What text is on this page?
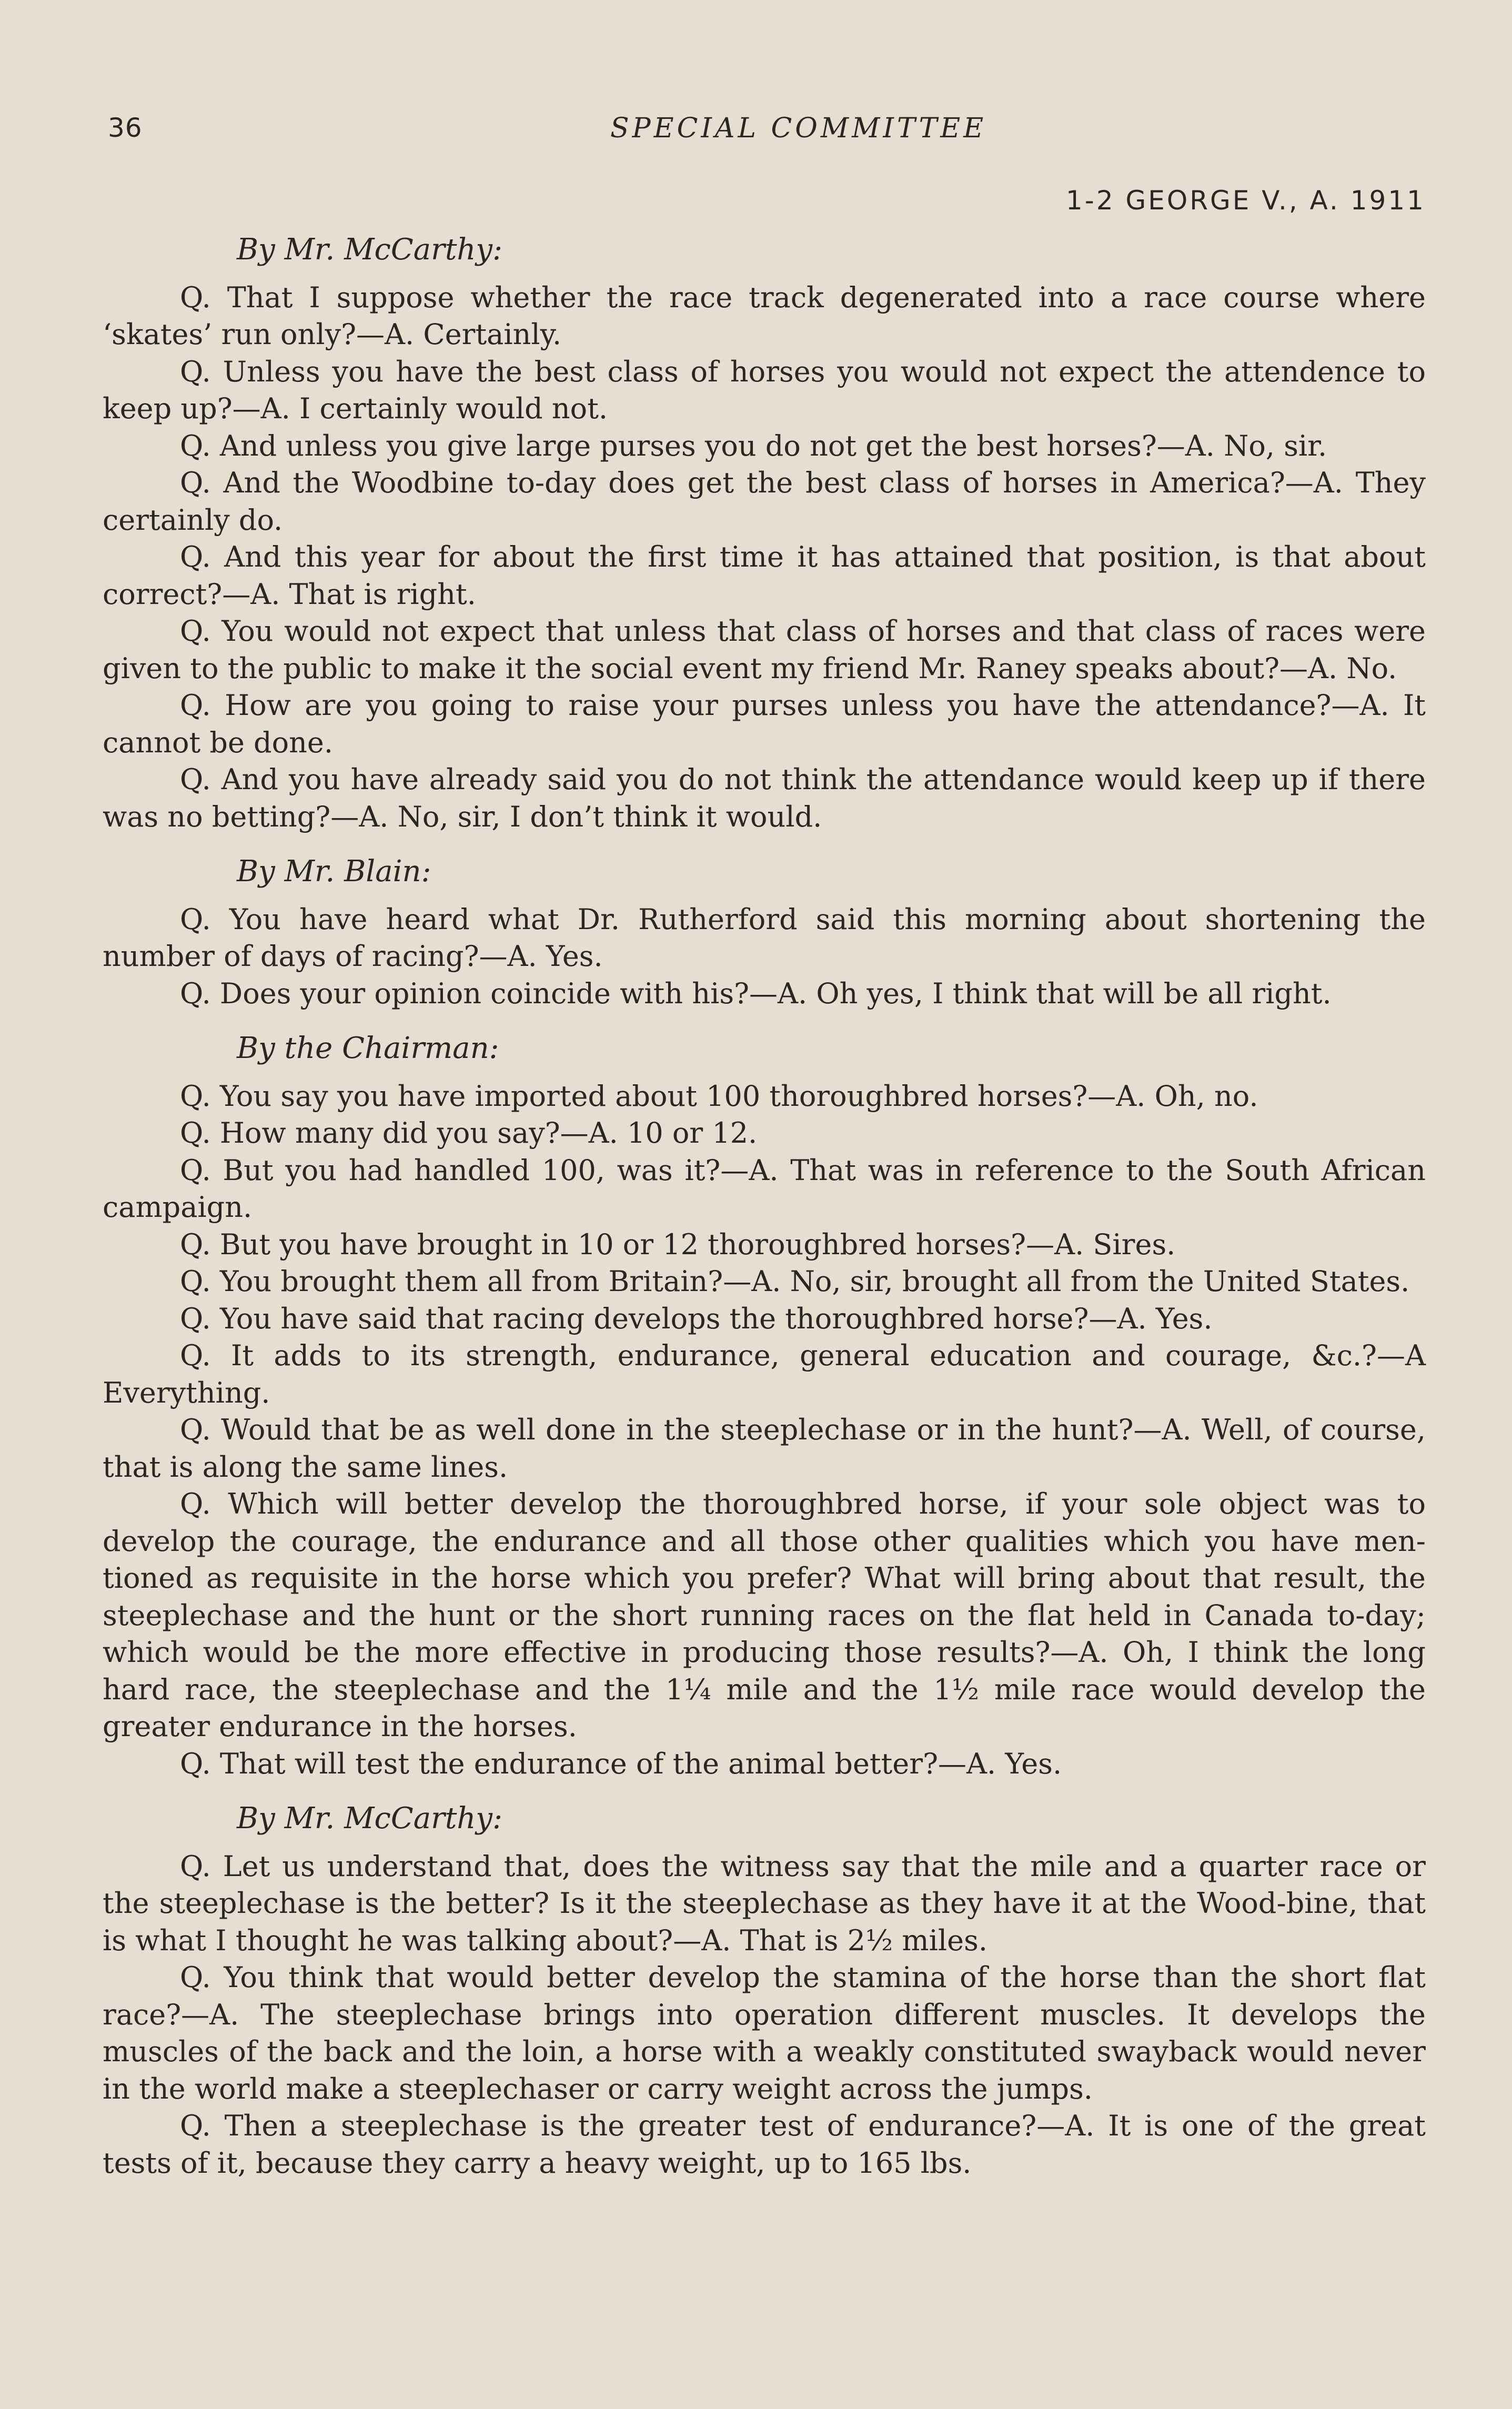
36	SPECIAL COMMITTEE
1-2 GEORGE V., A. 1911
By Mr. McCarthy:

Q. That I suppose whether the race track degenerated into a race course where ‘skates’ run only?—A. Certainly.

Q. Unless you have the best class of horses you would not expect the attendence to keep up?—A. I certainly would not.

Q. And unless you give large purses you do not get the best horses?—A. No, sir.

Q. And the Woodbine to-day does get the best class of horses in America?—A. They certainly do.

Q. And this year for about the first time it has attained that position, is that about correct?—A. That is right.

Q. You would not expect that unless that class of horses and that class of races were given to the public to make it the social event my friend Mr. Raney speaks about?—A. No.

Q. How are you going to raise your purses unless you have the attendance?—A. It cannot be done.

Q. And you have already said you do not think the attendance would keep up if there was no betting?—A. No, sir, I don’t think it would.

By Mr. Blain:

Q. You have heard what Dr. Rutherford said this morning about shortening the number of days of racing?—A. Yes.

Q. Does your opinion coincide with his?—A. Oh yes, I think that will be all right.

By the Chairman:

Q. You say you have imported about 100 thoroughbred horses?—A. Oh, no.

Q. How many did you say?—A. 10 or 12.

Q. But you had handled 100, was it?—A. That was in reference to the South African campaign.

Q. But you have brought in 10 or 12 thoroughbred horses?—A. Sires.

Q. You brought them all from Britain?—A. No, sir, brought all from the United States.

Q. You have said that racing develops the thoroughbred horse?—A. Yes.

Q. It adds to its strength, endurance, general education and courage, &c.?—A Everything.

Q. Would that be as well done in the steeplechase or in the hunt?—A. Well, of course, that is along the same lines.

Q. Which will better develop the thoroughbred horse, if your sole object was to develop the courage, the endurance and all those other qualities which you have men-tioned as requisite in the horse which you prefer? What will bring about that result, the steeplechase and the hunt or the short running races on the flat held in Canada to-day; which would be the more effective in producing those results?—A. Oh, I think the long hard race, the steeplechase and the 1¼ mile and the 1½ mile race would develop the greater endurance in the horses.

Q. That will test the endurance of the animal better?—A. Yes.

By Mr. McCarthy:

Q. Let us understand that, does the witness say that the mile and a quarter race or the steeplechase is the better? Is it the steeplechase as they have it at the Wood-bine, that is what I thought he was talking about?—A. That is 2½ miles.

Q. You think that would better develop the stamina of the horse than the short flat race?—A. The steeplechase brings into operation different muscles. It develops the muscles of the back and the loin, a horse with a weakly constituted swayback would never in the world make a steeplechaser or carry weight across the jumps.

Q. Then a steeplechase is the greater test of endurance?—A. It is one of the great tests of it, because they carry a heavy weight, up to 165 lbs.
